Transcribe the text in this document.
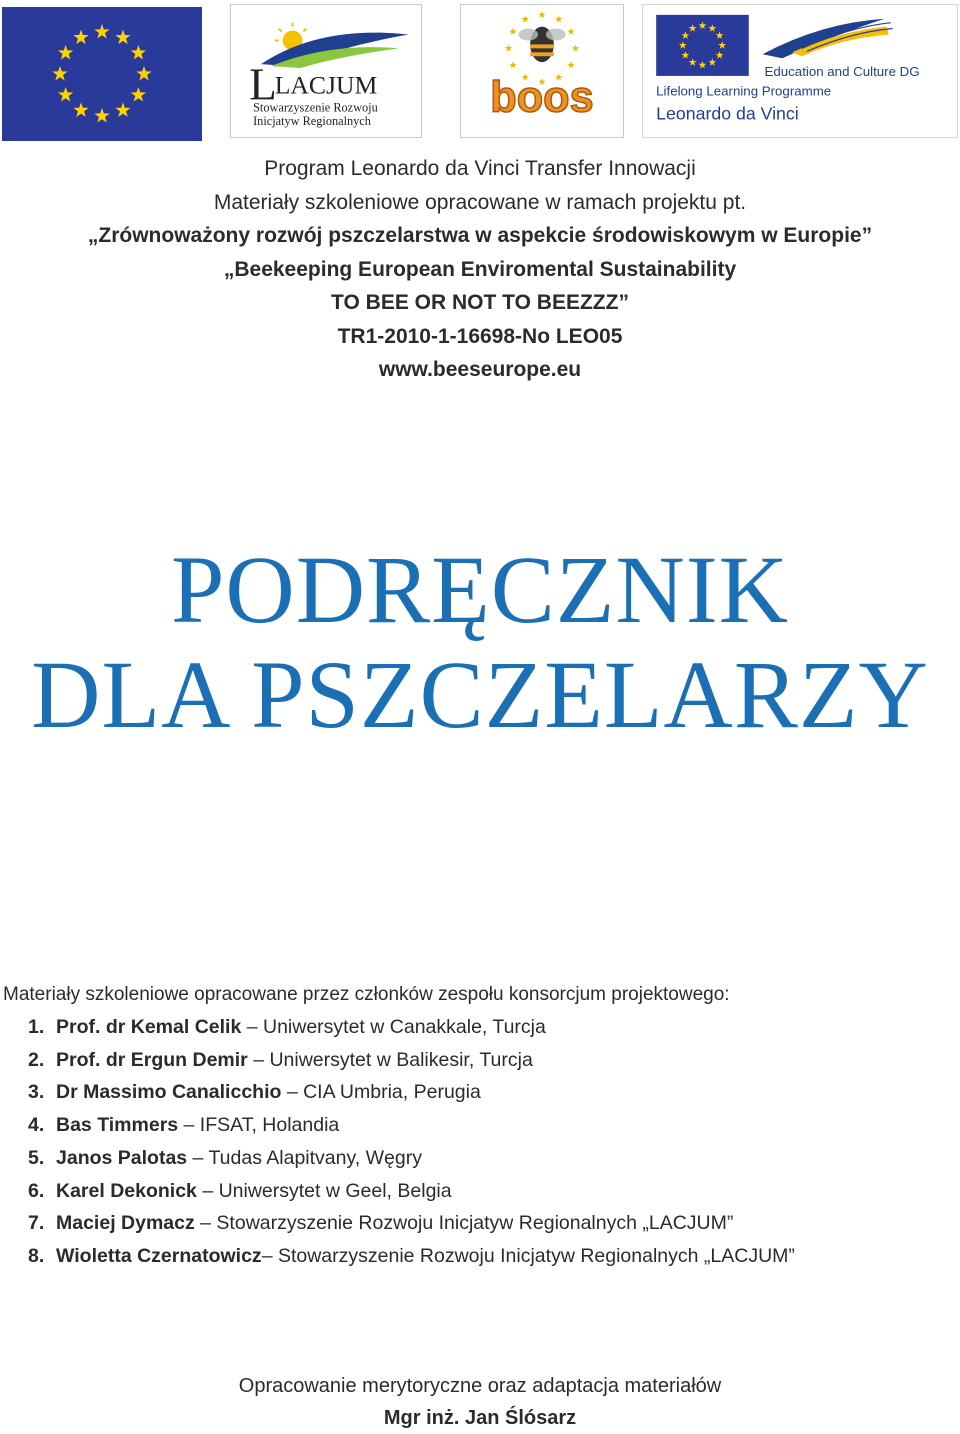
L
LACJUM
Stowarzyszenie Rozwoju
Inicjatyw Regionalnych	boos
Education and Culture DG
Lifelong Learning Programme
Leonardo da Vinci
Program Leonardo da Vinci Transfer Innowacji
Materiały szkoleniowe opracowane w ramach projektu pt.
„Zrównoważony rozwój pszczelarstwa w aspekcie środowiskowym w Europie”
„Beekeeping European Enviromental Sustainability
TO BEE OR NOT TO BEEZZZ”
TR1-2010-1-16698-No LEO05
www.beeseurope.eu
PODRĘCZNIK
DLA PSZCZELARZY
Materiały szkoleniowe opracowane przez członków zespołu konsorcjum projektowego:
1. Prof. dr Kemal Celik – Uniwersytet w Canakkale, Turcja
2. Prof. dr Ergun Demir – Uniwersytet w Balikesir, Turcja
3. Dr Massimo Canalicchio – CIA Umbria, Perugia
4. Bas Timmers – IFSAT, Holandia
5. Janos Palotas – Tudas Alapitvany, Węgry
6. Karel Dekonick – Uniwersytet w Geel, Belgia
7. Maciej Dymacz – Stowarzyszenie Rozwoju Inicjatyw Regionalnych „LACJUM”
8. Wioletta Czernatowicz– Stowarzyszenie Rozwoju Inicjatyw Regionalnych „LACJUM”
Opracowanie merytoryczne oraz adaptacja materiałów
Mgr inż. Jan Ślósarz
